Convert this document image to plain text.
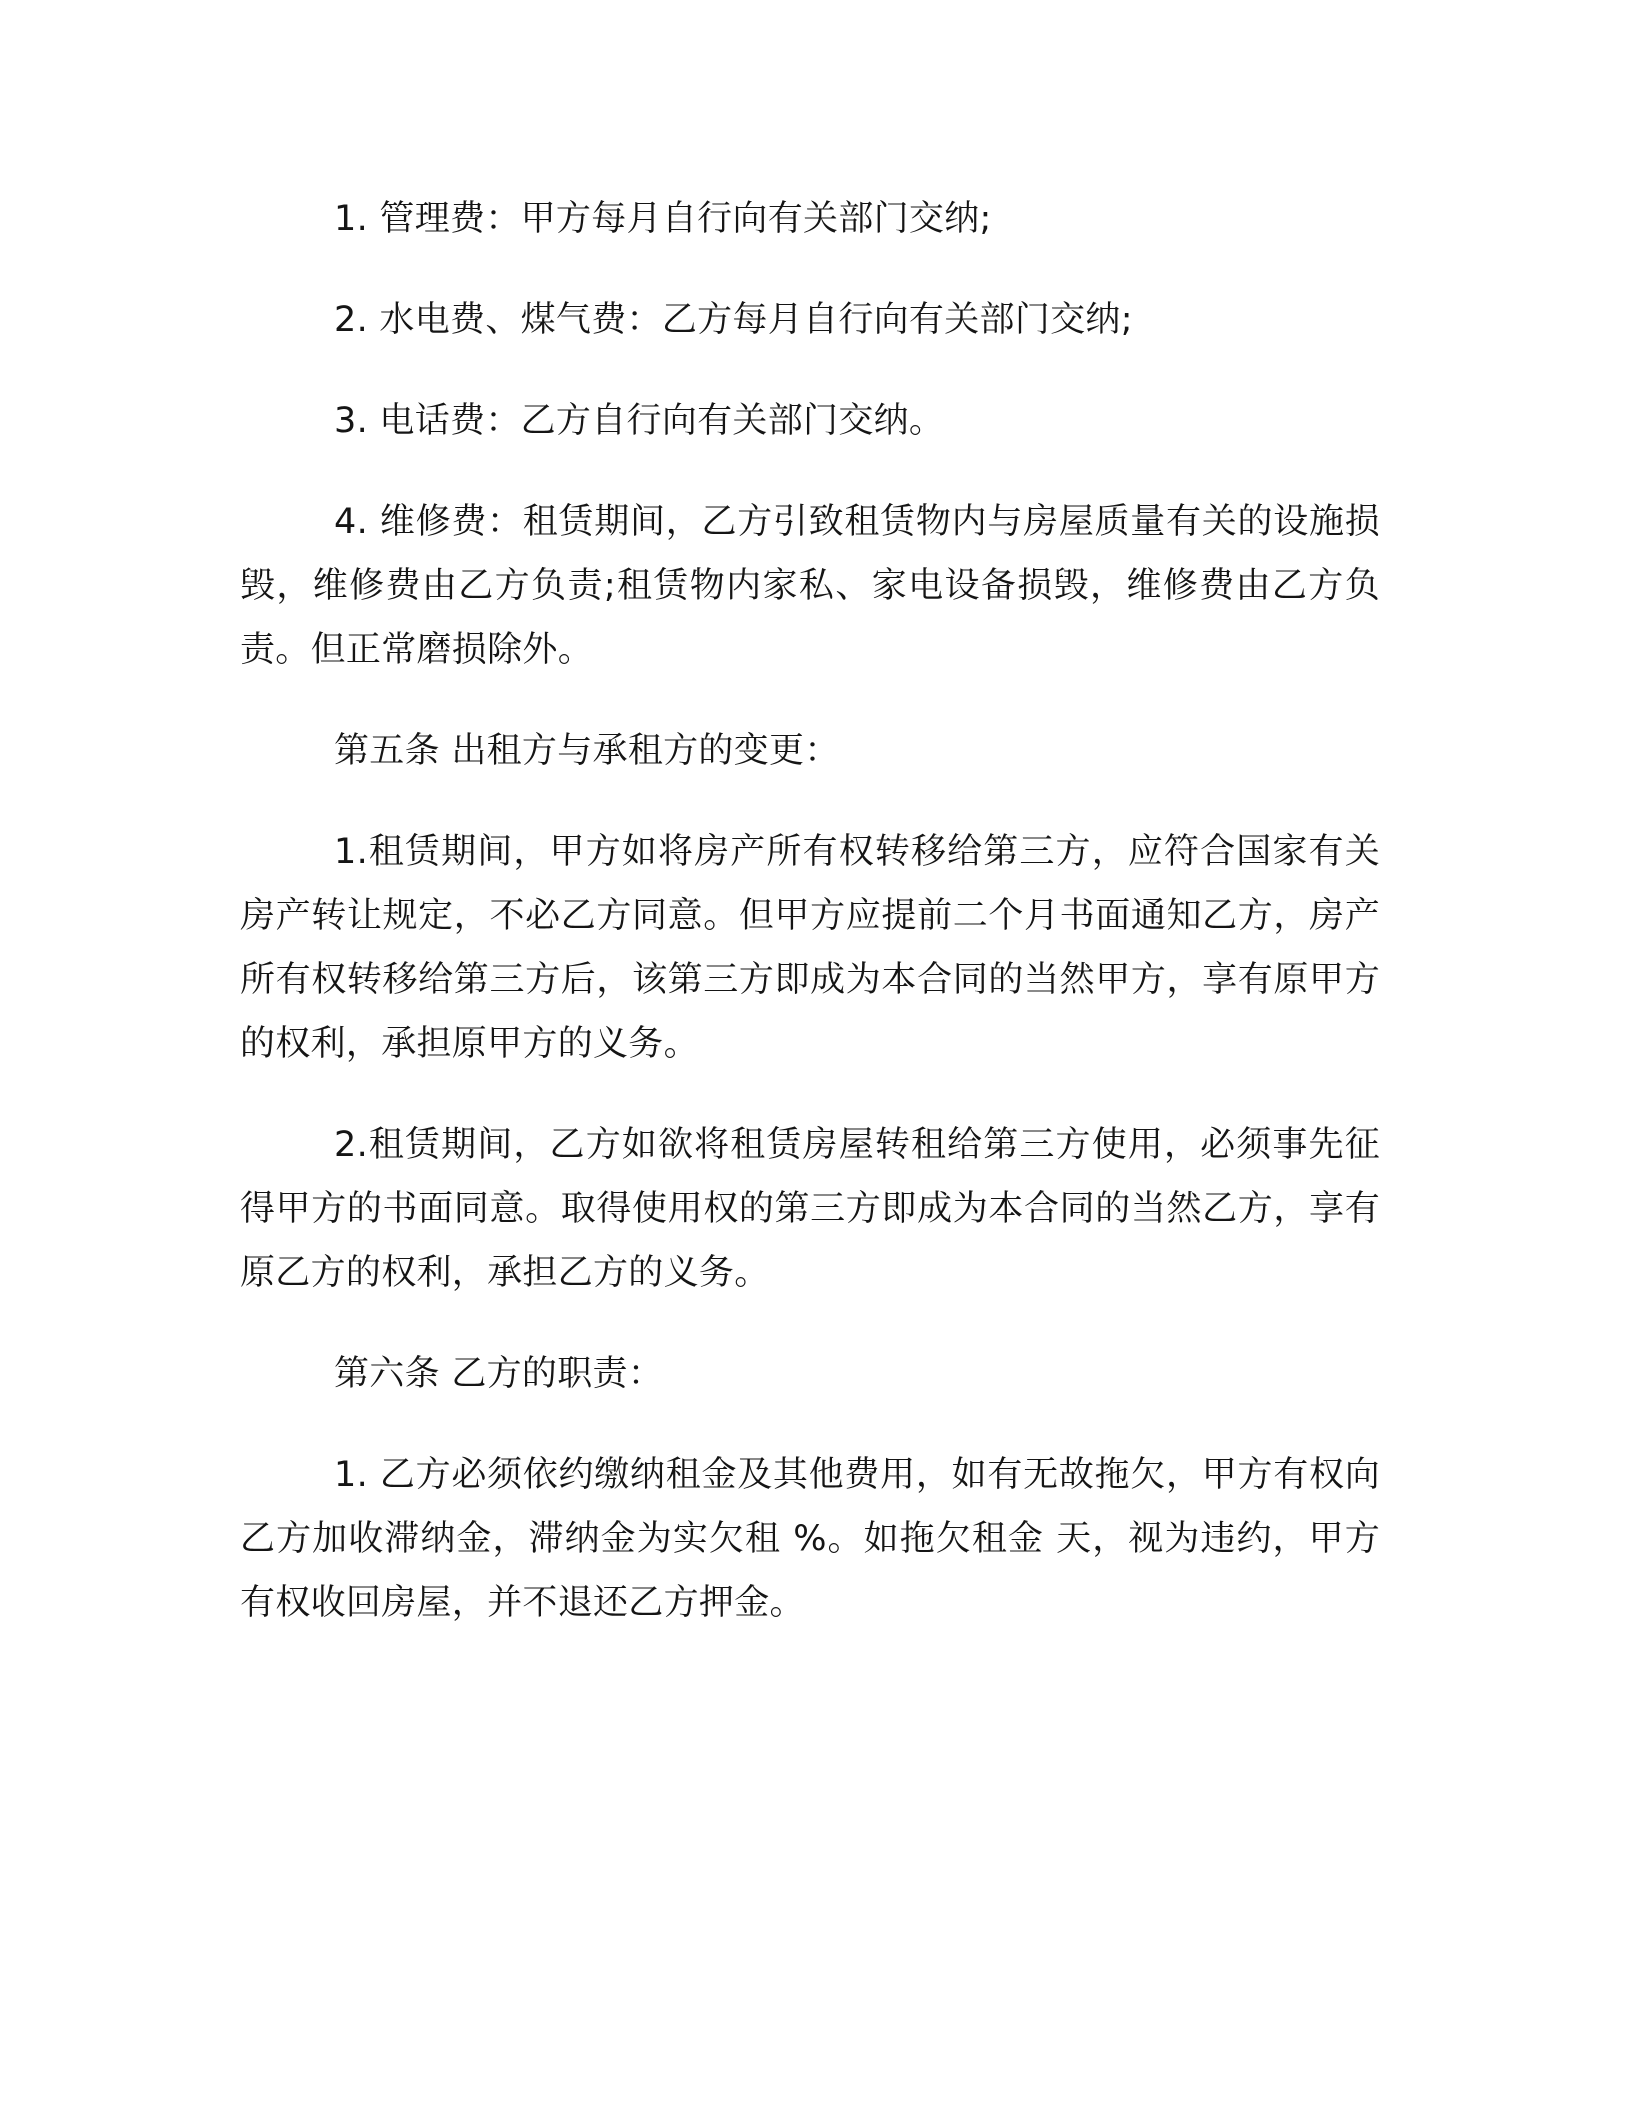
1. 管理费：甲方每月自行向有关部门交纳;

2. 水电费、煤气费：乙方每月自行向有关部门交纳;

3. 电话费：乙方自行向有关部门交纳。

4. 维修费：租赁期间，乙方引致租赁物内与房屋质量有关的设施损毁，维修费由乙方负责;租赁物内家私、家电设备损毁，维修费由乙方负责。但正常磨损除外。

第五条 出租方与承租方的变更：

1.租赁期间，甲方如将房产所有权转移给第三方，应符合国家有关房产转让规定，不必乙方同意。但甲方应提前二个月书面通知乙方，房产所有权转移给第三方后，该第三方即成为本合同的当然甲方，享有原甲方的权利，承担原甲方的义务。

2.租赁期间，乙方如欲将租赁房屋转租给第三方使用，必须事先征得甲方的书面同意。取得使用权的第三方即成为本合同的当然乙方，享有原乙方的权利，承担乙方的义务。

第六条 乙方的职责：

1. 乙方必须依约缴纳租金及其他费用，如有无故拖欠，甲方有权向乙方加收滞纳金，滞纳金为实欠租 %。如拖欠租金 天，视为违约，甲方有权收回房屋，并不退还乙方押金。
